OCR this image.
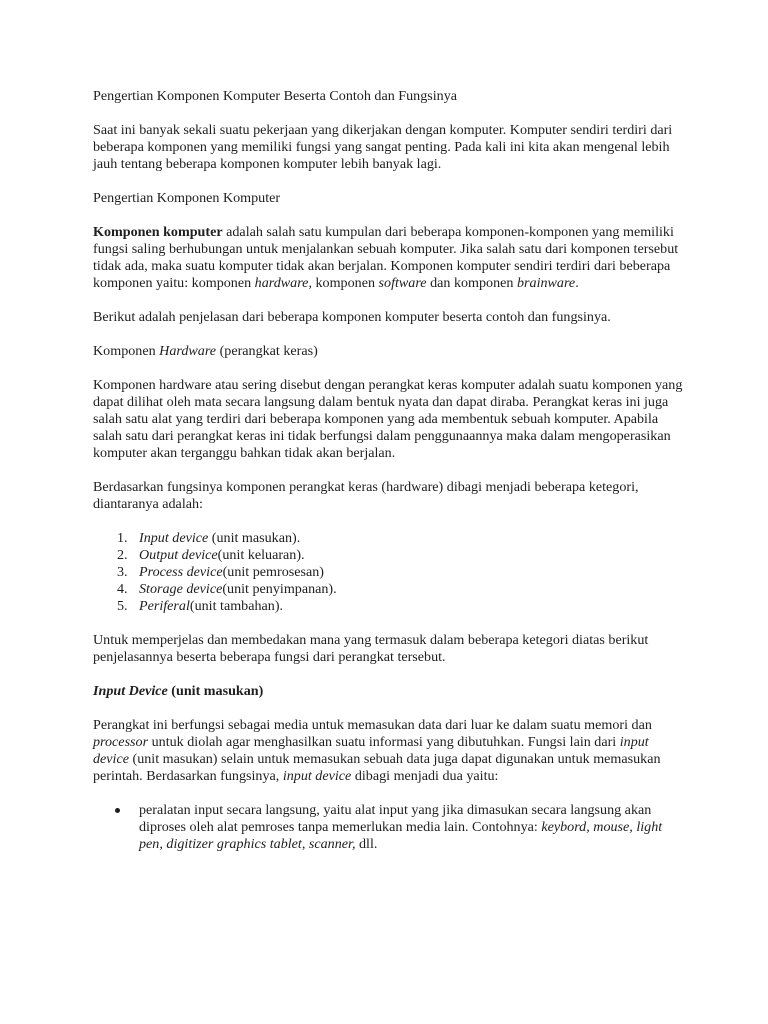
Pengertian Komponen Komputer Beserta Contoh dan Fungsinya

Saat ini banyak sekali suatu pekerjaan yang dikerjakan dengan komputer. Komputer sendiri terdiri dari beberapa komponen yang memiliki fungsi yang sangat penting. Pada kali ini kita akan mengenal lebih jauh tentang beberapa komponen komputer lebih banyak lagi.

Pengertian Komponen Komputer

Komponen komputer adalah salah satu kumpulan dari beberapa komponen-komponen yang memiliki fungsi saling berhubungan untuk menjalankan sebuah komputer. Jika salah satu dari komponen tersebut tidak ada, maka suatu komputer tidak akan berjalan. Komponen komputer sendiri terdiri dari beberapa komponen yaitu: komponen hardware, komponen software dan komponen brainware.

Berikut adalah penjelasan dari beberapa komponen komputer beserta contoh dan fungsinya.

Komponen Hardware (perangkat keras)

Komponen hardware atau sering disebut dengan perangkat keras komputer adalah suatu komponen yang dapat dilihat oleh mata secara langsung dalam bentuk nyata dan dapat diraba. Perangkat keras ini juga salah satu alat yang terdiri dari beberapa komponen yang ada membentuk sebuah komputer. Apabila salah satu dari perangkat keras ini tidak berfungsi dalam penggunaannya maka dalam mengoperasikan komputer akan terganggu bahkan tidak akan berjalan.

Berdasarkan fungsinya komponen perangkat keras (hardware) dibagi menjadi beberapa ketegori, diantaranya adalah:

1. Input device (unit masukan).
2. Output device(unit keluaran).
3. Process device(unit pemrosesan)
4. Storage device(unit penyimpanan).
5. Periferal(unit tambahan).

Untuk memperjelas dan membedakan mana yang termasuk dalam beberapa ketegori diatas berikut penjelasannya beserta beberapa fungsi dari perangkat tersebut.

Input Device (unit masukan)

Perangkat ini berfungsi sebagai media untuk memasukan data dari luar ke dalam suatu memori dan processor untuk diolah agar menghasilkan suatu informasi yang dibutuhkan. Fungsi lain dari input device (unit masukan) selain untuk memasukan sebuah data juga dapat digunakan untuk memasukan perintah. Berdasarkan fungsinya, input device dibagi menjadi dua yaitu:

peralatan input secara langsung, yaitu alat input yang jika dimasukan secara langsung akan diproses oleh alat pemroses tanpa memerlukan media lain. Contohnya: keybord, mouse, light pen, digitizer graphics tablet, scanner, dll.
